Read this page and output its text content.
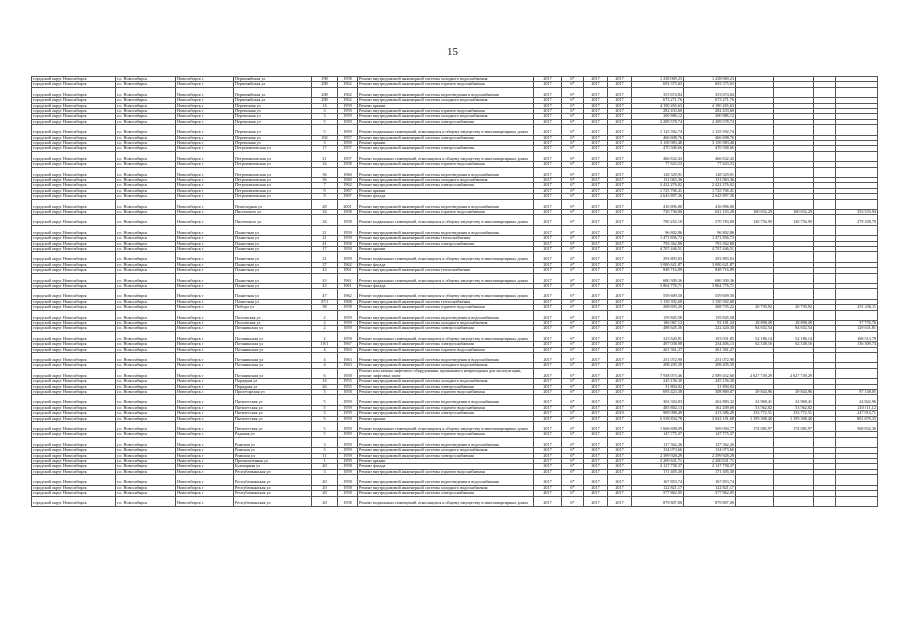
15
городской округ Новосибирск	г.о. Новосибирск	Новосибирск г	Первомайская ул	198	1958	Ремонт внутридомовой инженерной системы холодного водоснабжения	2017	6*	2017	2017	1 238 069,23	1 238 069,23				
городской округ Новосибирск	г.о. Новосибирск	Новосибирск г	Первомайская ул	208	1962	Ремонт внутридомовой инженерной системы горячего водоснабжения	2017	6*	2017	2017	693 375,63	693 375,63				
городской округ Новосибирск	г.о. Новосибирск	Новосибирск г	Первомайская ул	208	1962	Ремонт внутридомовой инженерной системы водоотведения и водоснабжения	2017	6*	2017	2017	353 674,84	353 674,84				
городской округ Новосибирск	г.о. Новосибирск	Новосибирск г	Первомайская ул	208	1962	Ремонт внутридомовой инженерной системы холодного водоснабжения	2017	6*	2017	2017	673 271,76	673 271,76				
городской округ Новосибирск	г.о. Новосибирск	Новосибирск г	Перевозная ул	14	1959	Ремонт крыши	2017	6*	2017	2017	4 190 265,63	4 190 265,63				
городской округ Новосибирск	г.о. Новосибирск	Новосибирск г	Перевозная ул	3	1959	Ремонт внутридомовой инженерной системы горячего водоснабжения	2017	6*	2017	2017	282 433,60	282 433,60				
городской округ Новосибирск	г.о. Новосибирск	Новосибирск г	Перевозная ул	3	1959	Ремонт внутридомовой инженерной системы холодного водоснабжения	2017	6*	2017	2017	300 886,12	300 886,12				
городской округ Новосибирск	г.о. Новосибирск	Новосибирск г	Перевозная ул	5	1959	Ремонт внутридомовой инженерной системы электроснабжения	2017	6*	2017	2017	2 209 578,74	2 209 578,74				
городской округ Новосибирск	г.о. Новосибирск	Новосибирск г	Перевозная ул	5	1959	Ремонт подвальных помещений, относящихся к общему имуществу в многоквартирных домах	2017	6*	2017	2017	1 125 592,74	1 125 592,74				
городской округ Новосибирск	г.о. Новосибирск	Новосибирск г	Перевозная ул	102	1957	Ремонт внутридомовой инженерной системы электроснабжения	2017	6*	2017	2017	466 698,76	466 698,76				
городской округ Новосибирск	г.о. Новосибирск	Новосибирск г	Перевозная ул	3	1959	Ремонт крыши	2017	6*	2017	2017	3 150 983,48	3 150 983,48				
городской округ Новосибирск	г.о. Новосибирск	Новосибирск г	Петропавловская ул	17	1957	Ремонт внутридомовой инженерной системы электроснабжения	2017	6*	2017	2017	470 508,66	470 508,66				
городской округ Новосибирск	г.о. Новосибирск	Новосибирск г	Петропавловская ул	21	1957	Ремонт подвальных помещений, относящихся к общему имуществу в многоквартирных домах	2017	6*	2017	2017	466 632,43	466 632,43				
городской округ Новосибирск	г.о. Новосибирск	Новосибирск г	Петропавловская ул	34	1958	Ремонт внутридомовой инженерной системы горячего водоснабжения	2017	6*	2017	2017	77 623,53	77 623,53				
городской округ Новосибирск	г.о. Новосибирск	Новосибирск г	Петропавловская ул	36	1960	Ремонт внутридомовой инженерной системы водоотведения и водоснабжения	2017	6*	2017	2017	128 329,91	128 329,91				
городской округ Новосибирск	г.о. Новосибирск	Новосибирск г	Петропавловская ул	36	1960	Ремонт внутридомовой инженерной системы холодного водоснабжения	2017	6*	2017	2017	131 063,36	131 063,36				
городской округ Новосибирск	г.о. Новосибирск	Новосибирск г	Петропавловская ул	7	1962	Ремонт внутридомовой инженерной системы электроснабжения	2017	6*	2017	2017	2 422 276,02	2 422 276,02				
городской округ Новосибирск	г.о. Новосибирск	Новосибирск г	Петропавловская ул	9	1967	Ремонт крыши	2017	6*	2017	2017	1 725 706,41	1 725 706,41				
городской округ Новосибирск	г.о. Новосибирск	Новосибирск г	Петропавловская ул	9	1967	Ремонт фасада	2017	6*	2017	2017	2 643 897,36	2 643 897,36				
городской округ Новосибирск	г.о. Новосибирск	Новосибирск г	Пешеходная ул	28	2001	Ремонт внутридомовой инженерной системы водоотведения и водоснабжения	2017	6*	2017	2017	416 896,80	416 896,80				
городской округ Новосибирск	г.о. Новосибирск	Новосибирск г	Писемского ул	34	1958	Ремонт внутридомовой инженерной системы горячего водоснабжения	2017	6*	2017	2017	720 736,80	641 103,28	160 632,29	160 632,29		353 533,94
городской округ Новосибирск	г.о. Новосибирск	Новосибирск г	Писемского ул	34	1958	Ремонт подвальных помещений, относящихся к общему имуществу в многоквартирных домах	2017	6*	2017	2017	790 252,10	370 783,00	120 756,90	120 756,90		279 458,79
городской округ Новосибирск	г.о. Новосибирск	Новосибирск г	Планетная ул	21	1959	Ремонт внутридомовой инженерной системы водоотведения и водоснабжения	2017	6*	2017	2017	96 802,86	96 802,86				
городской округ Новосибирск	г.о. Новосибирск	Новосибирск г	Планетная ул	21	1959	Ремонт внутридомовой инженерной системы теплоснабжения	2017	6*	2017	2017	1 471 856,73	1 471 856,73				
городской округ Новосибирск	г.о. Новосибирск	Новосибирск г	Планетная ул	41	1958	Ремонт внутридомовой инженерной системы электроснабжения	2017	6*	2017	2017	793 362,80	793 362,80				
городской округ Новосибирск	г.о. Новосибирск	Новосибирск г	Планетная ул	17	1959	Ремонт крыши	2017	6*	2017	2017	4 707 446,51	4 707 446,51				
городской округ Новосибирск	г.о. Новосибирск	Новосибирск г	Планетная ул	21	1959	Ремонт подвальных помещений, относящихся к общему имуществу в многоквартирных домах	2017	6*	2017	2017	293 893,03	293 893,03				
городской округ Новосибирск	г.о. Новосибирск	Новосибирск г	Планетная ул	37	1962	Ремонт фасада	2017	6*	2017	2017	3 080 621,87	3 080 621,87				
городской округ Новосибирск	г.о. Новосибирск	Новосибирск г	Планетная ул	43	1961	Ремонт внутридомовой инженерной системы теплоснабжения	2017	6*	2017	2017	848 716,89	848 716,89				
городской округ Новосибирск	г.о. Новосибирск	Новосибирск г	Планетная ул	43	1961	Ремонт подвальных помещений, относящихся к общему имуществу в многоквартирных домах	2017	6*	2017	2017	680 309,36	680 309,36				
городской округ Новосибирск	г.о. Новосибирск	Новосибирск г	Планетная ул	43	1961	Ремонт фасада	2017	6*	2017	2017	3 864 776,71	3 864 776,71				
городской округ Новосибирск	г.о. Новосибирск	Новосибирск г	Планетная ул	47	1962	Ремонт подвальных помещений, относящихся к общему имуществу в многоквартирных домах	2017	6*	2017	2017	559 609,50	559 609,50				
городской округ Новосибирск	г.о. Новосибирск	Новосибирск г	Планетная ул	47/1	1968	Ремонт внутридомовой инженерной системы теплоснабжения	2017	6*	2017	2017	1 150 392,68	1 150 392,68				
городской округ Новосибирск	г.о. Новосибирск	Новосибирск г	Победы ул	38	1958	Ремонт внутридомовой инженерной системы горячего водоснабжения	2017	6*	2017	2017	268 693,20	268 735,22	20 739,92	20 739,92		251 236,11
городской округ Новосибирск	г.о. Новосибирск	Новосибирск г	Полтавская ул	2	1959	Ремонт внутридомовой инженерной системы водоотведения и водоснабжения	2017	6*	2017	2017	159 845,58	159 845,58				
городской округ Новосибирск	г.о. Новосибирск	Новосибирск г	Полтавская ул	2	1959	Ремонт внутридомовой инженерной системы холодного водоснабжения	2017	6*	2017	2017	186 067,12	93 181,34	28 898,49	28 898,49		57 776,76
городской округ Новосибирск	г.о. Новосибирск	Новосибирск г	Потанинская ул	2	1959	Ремонт внутридомовой инженерной системы электроснабжения	2017	6*	2017	2017	488 645,36	222 420,30	84 632,54	84 632,54		129 631,81
городской округ Новосибирск	г.о. Новосибирск	Новосибирск г	Потанинская ул	2	1959	Ремонт подвальных помещений, относящихся к общему имуществу в многоквартирных домах	2017	6*	2017	2017	323 620,01	103 031,85	52 186,14	52 186,14		168 513,79
городской округ Новосибирск	г.о. Новосибирск	Новосибирск г	Потанинская ул	10/1	1967	Ремонт внутридомовой инженерной системы электроснабжения	2017	6*	2017	2017	497 038,98	234 406,13	62 148,16	62 148,16		136 309,74
городской округ Новосибирск	г.о. Новосибирск	Новосибирск г	Потанинская ул	4	1963	Ремонт внутридомовой инженерной системы горячего водоснабжения	2017	6*	2017	2017	261 361,27	261 361,27				
городской округ Новосибирск	г.о. Новосибирск	Новосибирск г	Потанинская ул	4	1963	Ремонт внутридомовой инженерной системы водоотведения и водоснабжения	2017	6*	2017	2017	251 072,90	251 072,90				
городской округ Новосибирск	г.о. Новосибирск	Новосибирск г	Потанинская ул	4	1963	Ремонт внутридомовой инженерной системы холодного водоснабжения	2017	6*	2017	2017	208 205,59	208 205,59				
городской округ Новосибирск	г.о. Новосибирск	Новосибирск г	Потанинская ул	6	1958	Ремонт или замена лифтового оборудования, признанного непригодным для эксплуатации, ремонт лифтовых шахт	2017	6*	2017	2017	7 938 073,46	2 589 432,60	2 627 749,29	2 627 749,29		
городской округ Новосибирск	г.о. Новосибирск	Новосибирск г	Порядная ул	16	1955	Ремонт внутридомовой инженерной системы холодного водоснабжения	2017	6*	2017	2017	245 156,30	245 156,30				
городской округ Новосибирск	г.о. Новосибирск	Новосибирск г	Порядная ул	26	1955	Ремонт внутридомовой инженерной системы электроснабжения	2017	6*	2017	2017	31 894,02	31 894,02				
городской округ Новосибирск	г.о. Новосибирск	Новосибирск г	Пролетарская ул	5	1958	Ремонт внутридомовой инженерной системы горячего водоснабжения	2017	6*	2017	2017	693 423,38	308 869,07	49 844,96	49 844,96		97 138,05
городской округ Новосибирск	г.о. Новосибирск	Новосибирск г	Пятилетская ул	5	1959	Ремонт внутридомовой инженерной системы водоотведения и водоснабжения	2017	6*	2017	2017	302 304,83	262 883,32	32 968,41	32 968,41		24 822,96
городской округ Новосибирск	г.о. Новосибирск	Новосибирск г	Пятилетская ул	5	1959	Ремонт внутридомовой инженерной системы горячего водоснабжения	2017	6*	2017	2017	485 802,13	162 209,69	53 562,02	53 562,02		210 111,12
городской округ Новосибирск	г.о. Новосибирск	Новосибирск г	Пятилетская ул	5	1959	Ремонт внутридомовой инженерной системы электроснабжения	2017	6*	2017	2019	909 098,49	413 386,29	133 772,51	133 772,51		247 914,71
городской округ Новосибирск	г.о. Новосибирск	Новосибирск г	Пятилетская ул	5	1959	Ремонт крыши	2017	6*	2017	2017	6 538 834,78	3 042 191,68	1 195 308,40	1 195 308,40		801 670,33
городской округ Новосибирск	г.о. Новосибирск	Новосибирск г	Пятилетская ул	5	1959	Ремонт подвальных помещений, относящихся к общему имуществу в многоквартирных домах	2017	6*	2017	2017	1 666 698,09	569 094,77	174 085,97	174 085,97		568 832,36
городской округ Новосибирск	г.о. Новосибирск	Новосибирск г	Радиная ул	5	1959	Ремонт внутридомовой инженерной системы горячего водоснабжения	2017	6*	2017	2017	147 775,37	147 775,37				
городской округ Новосибирск	г.о. Новосибирск	Новосибирск г	Римская ул	3	1959	Ремонт внутридомовой инженерной системы водоотведения и водоснабжения	2017	6*	2017	2017	127 362,26	127 362,26				
городской округ Новосибирск	г.о. Новосибирск	Новосибирск г	Римская ул	3	1959	Ремонт внутридомовой инженерной системы холодного водоснабжения	2017	6*	2017	2017	134 073,66	134 073,66				
городской округ Новосибирск	г.о. Новосибирск	Новосибирск г	Римская ул	11	1959	Ремонт внутридомовой инженерной системы электроснабжения	2017	6*	2017	2017	2 399 928,29	2 399 928,29				
городской округ Новосибирск	г.о. Новосибирск	Новосибирск г	Промышленная ул	1	1959	Ремонт крыши	2017	6*	2017	2017	2 200 631,71	2 200 631,71				
городской округ Новосибирск	г.о. Новосибирск	Новосибирск г	Бульварная ул	20	1958	Ремонт фасада	2017	6*	2017	2017	2 127 758,37	2 127 758,37				
городской округ Новосибирск	г.о. Новосибирск	Новосибирск г	Республиканская ул	3	1959	Ремонт внутридомовой инженерной системы горячего водоснабжения	2017	6*	2017	2017	171 405,30	171 405,30				
городской округ Новосибирск	г.о. Новосибирск	Новосибирск г	Республиканская ул	20	1958	Ремонт внутридомовой инженерной системы водоотведения и водоснабжения	2017	6*	2017	2017	167 853,74	167 853,74				
городской округ Новосибирск	г.о. Новосибирск	Новосибирск г	Республиканская ул	20	1958	Ремонт внутридомовой инженерной системы холодного водоснабжения	2017	6*	2017	2017	122 821,17	122 821,17				
городской округ Новосибирск	г.о. Новосибирск	Новосибирск г	Республиканская ул	20	1958	Ремонт внутридомовой инженерной системы электроснабжения	2017	6*	2017	2017	577 862,05	577 862,05				
городской округ Новосибирск	г.о. Новосибирск	Новосибирск г	Республиканская ул	20	1958	Ремонт подвальных помещений, относящихся к общему имуществу в многоквартирных домах	2017	6*	2017	2017	879 807,00	879 807,00				
